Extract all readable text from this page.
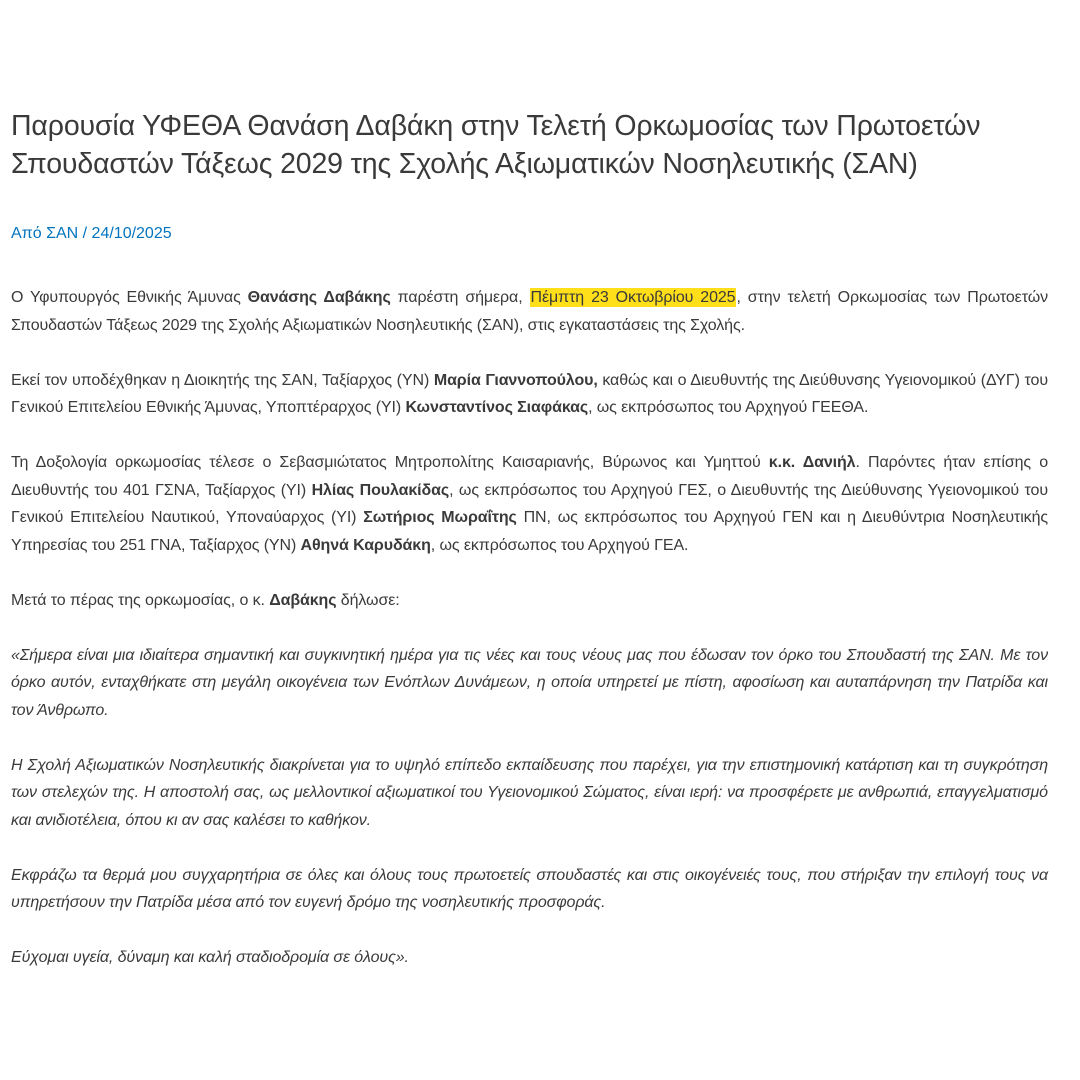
Παρουσία ΥΦΕΘΑ Θανάση Δαβάκη στην Τελετή Ορκωμοσίας των Πρωτοετών Σπουδαστών Τάξεως 2029 της Σχολής Αξιωματικών Νοσηλευτικής (ΣΑΝ)
Από ΣΑΝ / 24/10/2025

Ο Υφυπουργός Εθνικής Άμυνας Θανάσης Δαβάκης παρέστη σήμερα, Πέμπτη 23 Οκτωβρίου 2025, στην τελετή Ορκωμοσίας των Πρωτοετών Σπουδαστών Τάξεως 2029 της Σχολής Αξιωματικών Νοσηλευτικής (ΣΑΝ), στις εγκαταστάσεις της Σχολής.

Εκεί τον υποδέχθηκαν η Διοικητής της ΣΑΝ, Ταξίαρχος (ΥΝ) Μαρία Γιαννοπούλου, καθώς και ο Διευθυντής της Διεύθυνσης Υγειονομικού (ΔΥΓ) του Γενικού Επιτελείου Εθνικής Άμυνας, Υποπτέραρχος (ΥΙ) Κωνσταντίνος Σιαφάκας, ως εκπρόσωπος του Αρχηγού ΓΕΕΘΑ.

Τη Δοξολογία ορκωμοσίας τέλεσε ο Σεβασμιώτατος Μητροπολίτης Καισαριανής, Βύρωνος και Υμηττού κ.κ. Δανιήλ. Παρόντες ήταν επίσης ο Διευθυντής του 401 ΓΣΝΑ, Ταξίαρχος (ΥΙ) Ηλίας Πουλακίδας, ως εκπρόσωπος του Αρχηγού ΓΕΣ, ο Διευθυντής της Διεύθυνσης Υγειονομικού του Γενικού Επιτελείου Ναυτικού, Υποναύαρχος (ΥΙ) Σωτήριος Μωραΐτης ΠΝ, ως εκπρόσωπος του Αρχηγού ΓΕΝ και η Διευθύντρια Νοσηλευτικής Υπηρεσίας του 251 ΓΝΑ, Ταξίαρχος (ΥΝ) Αθηνά Καρυδάκη, ως εκπρόσωπος του Αρχηγού ΓΕΑ.

Μετά το πέρας της ορκωμοσίας, ο κ. Δαβάκης δήλωσε:

«Σήμερα είναι μια ιδιαίτερα σημαντική και συγκινητική ημέρα για τις νέες και τους νέους μας που έδωσαν τον όρκο του Σπουδαστή της ΣΑΝ. Με τον όρκο αυτόν, ενταχθήκατε στη μεγάλη οικογένεια των Ενόπλων Δυνάμεων, η οποία υπηρετεί με πίστη, αφοσίωση και αυταπάρνηση την Πατρίδα και τον Άνθρωπο.

Η Σχολή Αξιωματικών Νοσηλευτικής διακρίνεται για το υψηλό επίπεδο εκπαίδευσης που παρέχει, για την επιστημονική κατάρτιση και τη συγκρότηση των στελεχών της. Η αποστολή σας, ως μελλοντικοί αξιωματικοί του Υγειονομικού Σώματος, είναι ιερή: να προσφέρετε με ανθρωπιά, επαγγελματισμό και ανιδιοτέλεια, όπου κι αν σας καλέσει το καθήκον.

Εκφράζω τα θερμά μου συγχαρητήρια σε όλες και όλους τους πρωτοετείς σπουδαστές και στις οικογένειές τους, που στήριξαν την επιλογή τους να υπηρετήσουν την Πατρίδα μέσα από τον ευγενή δρόμο της νοσηλευτικής προσφοράς.

Εύχομαι υγεία, δύναμη και καλή σταδιοδρομία σε όλους».
